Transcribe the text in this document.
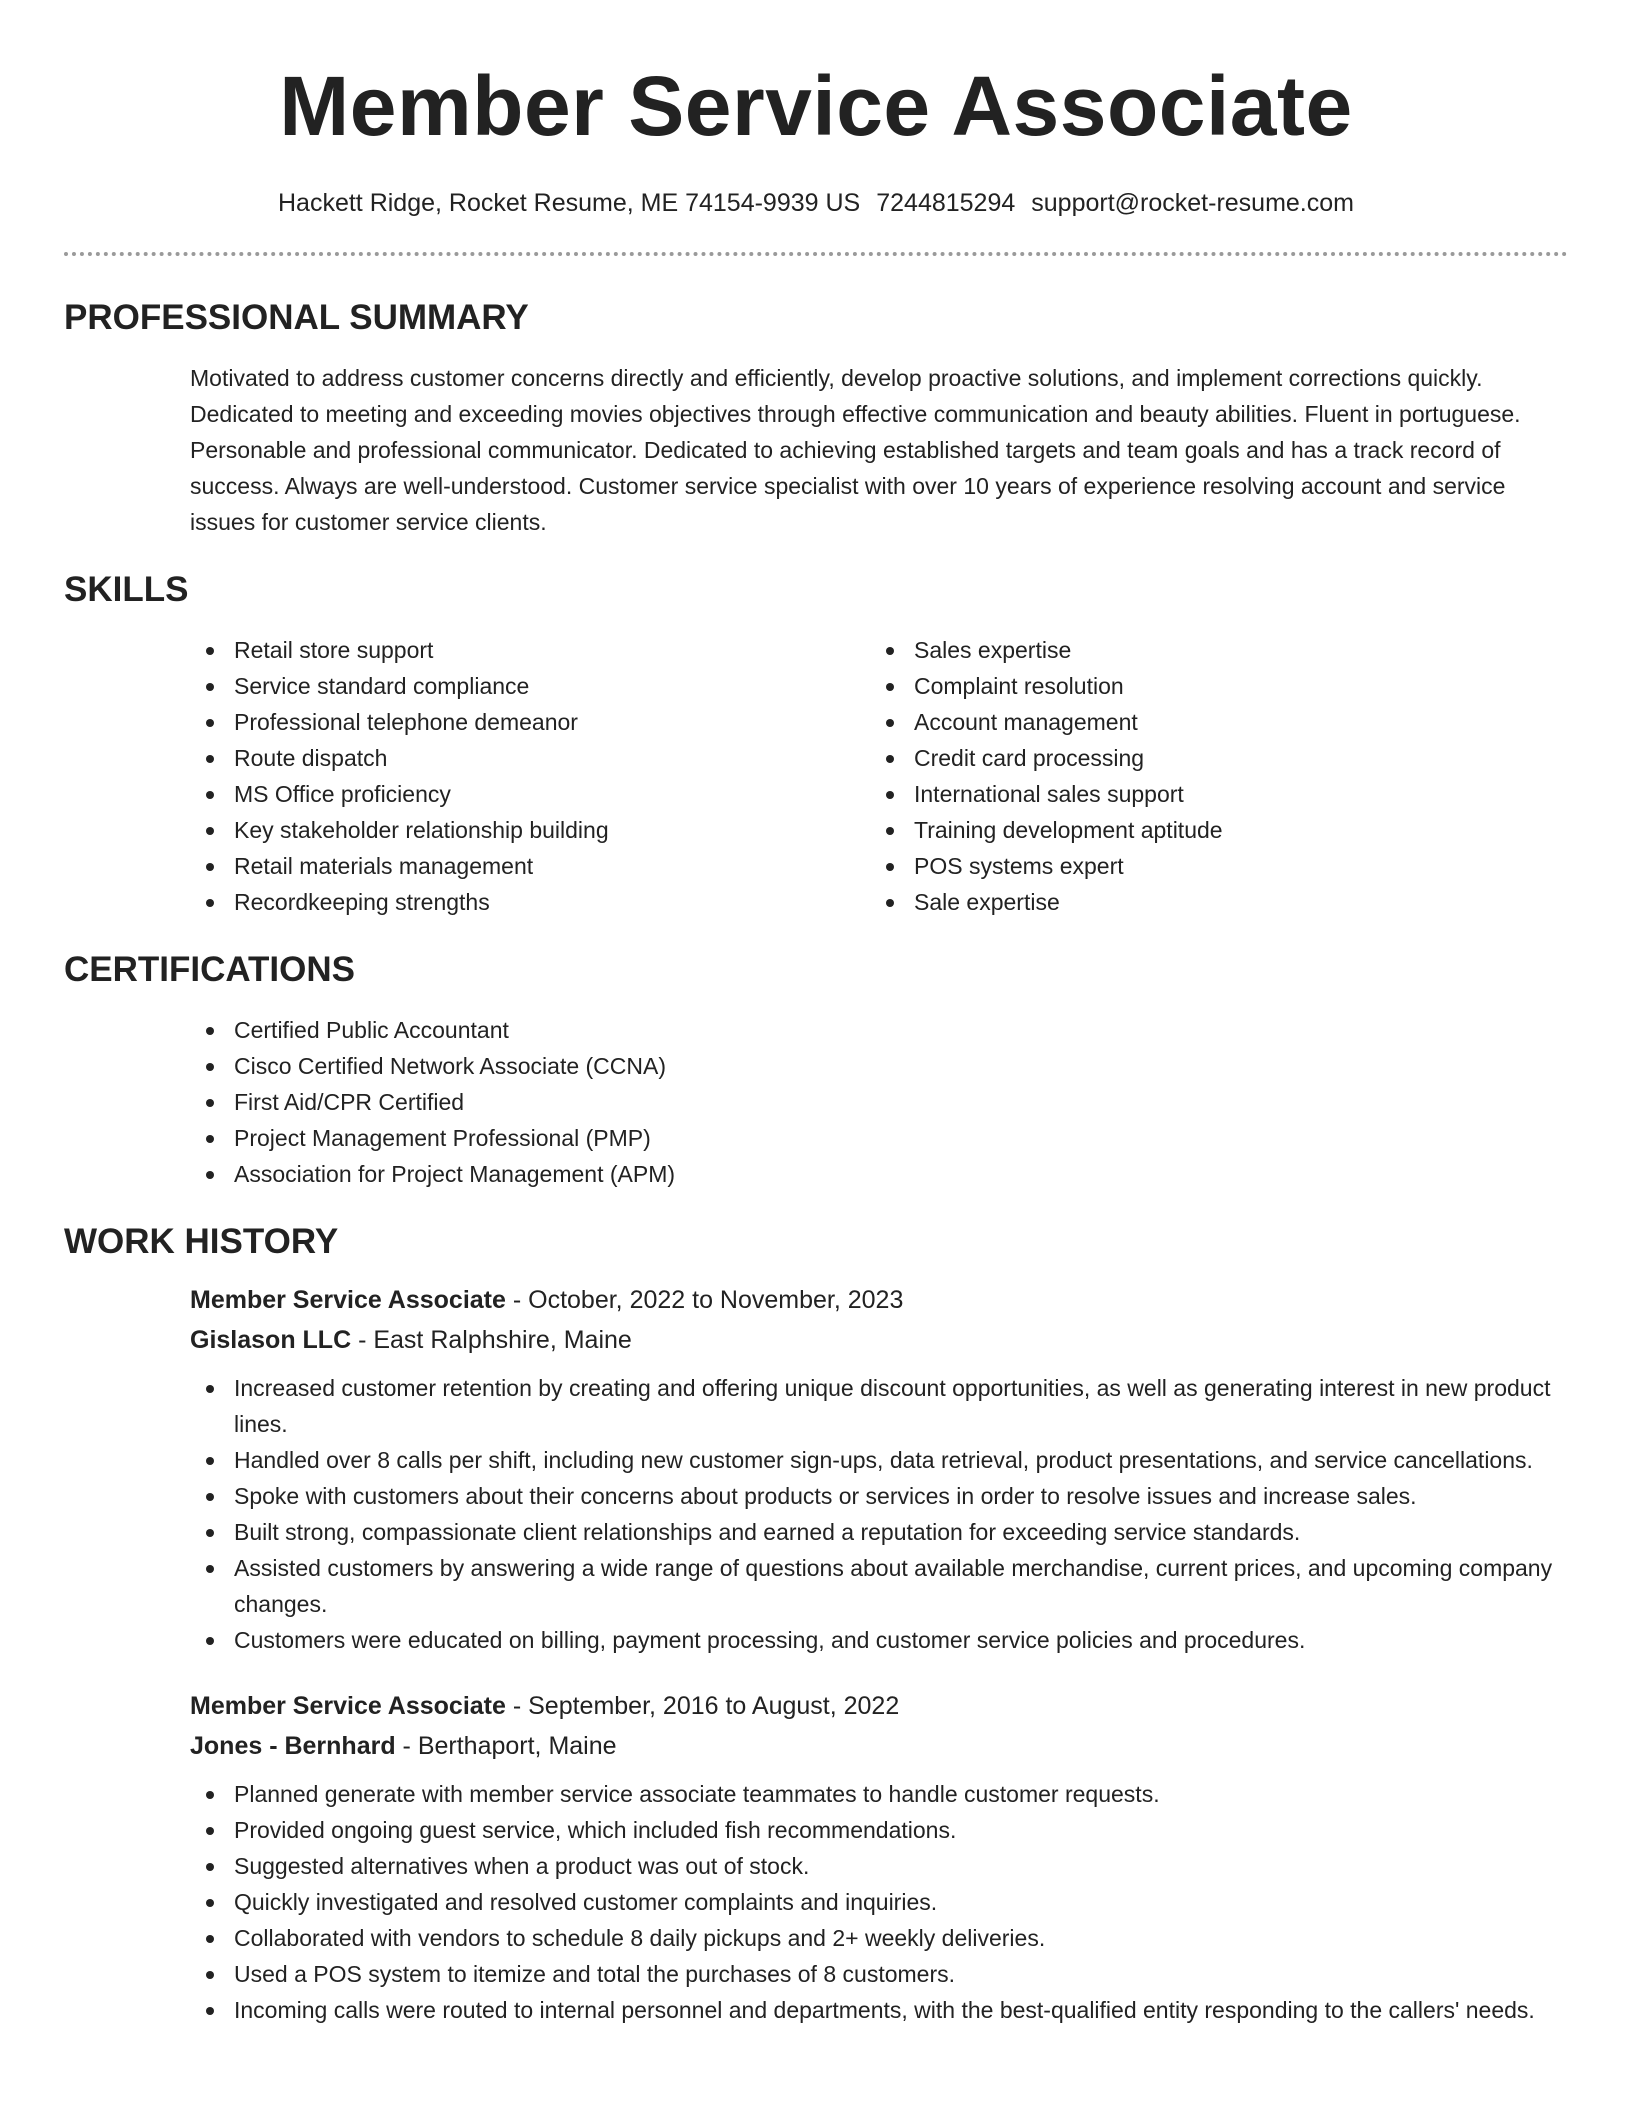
Member Service Associate
Hackett Ridge, Rocket Resume, ME 74154-9939 US 7244815294 support@rocket-resume.com
PROFESSIONAL SUMMARY

Motivated to address customer concerns directly and efficiently, develop proactive solutions, and implement corrections quickly. Dedicated to meeting and exceeding movies objectives through effective communication and beauty abilities. Fluent in portuguese. Personable and professional communicator. Dedicated to achieving established targets and team goals and has a track record of success. Always are well-understood. Customer service specialist with over 10 years of experience resolving account and service issues for customer service clients.

SKILLS
Retail store support
Service standard compliance
Professional telephone demeanor
Route dispatch
MS Office proficiency
Key stakeholder relationship building
Retail materials management
Recordkeeping strengths
Sales expertise
Complaint resolution
Account management
Credit card processing
International sales support
Training development aptitude
POS systems expert
Sale expertise
CERTIFICATIONS
Certified Public Accountant
Cisco Certified Network Associate (CCNA)
First Aid/CPR Certified
Project Management Professional (PMP)
Association for Project Management (APM)
WORK HISTORY
Member Service Associate - October, 2022 to November, 2023
Gislason LLC - East Ralphshire, Maine
Increased customer retention by creating and offering unique discount opportunities, as well as generating interest in new product lines.
Handled over 8 calls per shift, including new customer sign-ups, data retrieval, product presentations, and service cancellations.
Spoke with customers about their concerns about products or services in order to resolve issues and increase sales.
Built strong, compassionate client relationships and earned a reputation for exceeding service standards.
Assisted customers by answering a wide range of questions about available merchandise, current prices, and upcoming company changes.
Customers were educated on billing, payment processing, and customer service policies and procedures.
Member Service Associate - September, 2016 to August, 2022
Jones - Bernhard - Berthaport, Maine
Planned generate with member service associate teammates to handle customer requests.
Provided ongoing guest service, which included fish recommendations.
Suggested alternatives when a product was out of stock.
Quickly investigated and resolved customer complaints and inquiries.
Collaborated with vendors to schedule 8 daily pickups and 2+ weekly deliveries.
Used a POS system to itemize and total the purchases of 8 customers.
Incoming calls were routed to internal personnel and departments, with the best-qualified entity responding to the callers' needs.
